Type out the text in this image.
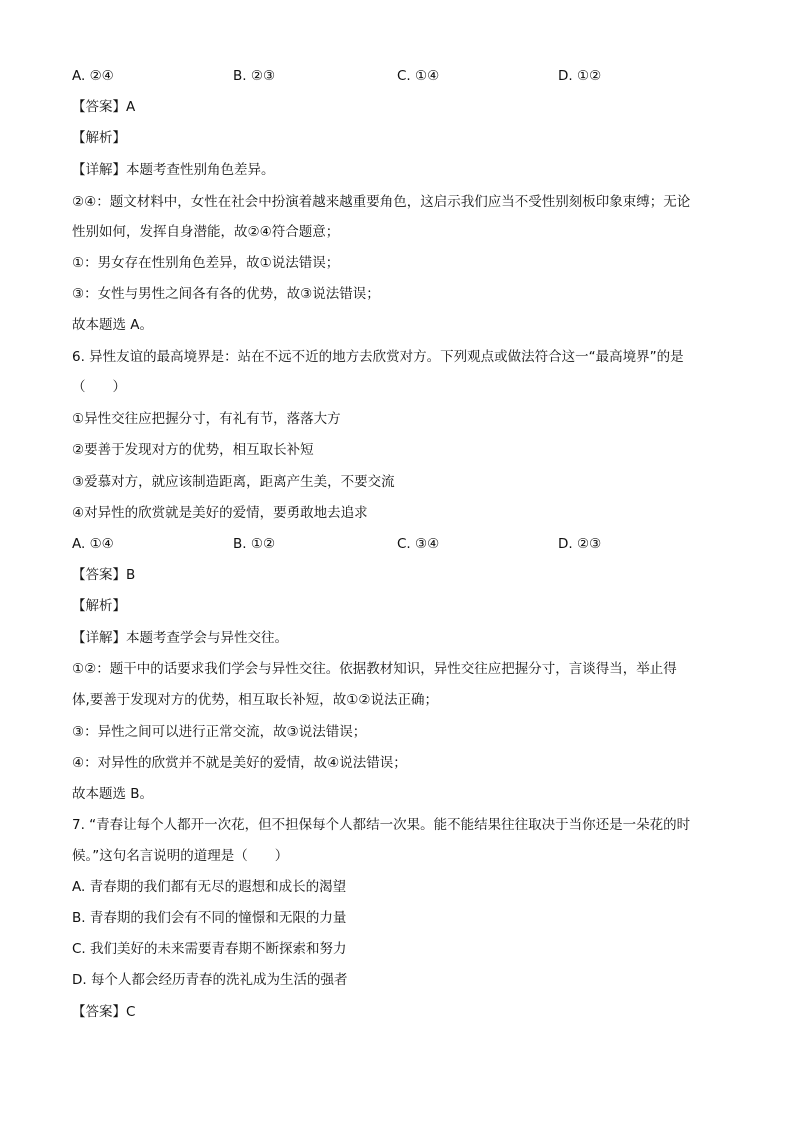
A. ②④	B. ②③	C. ①④	D. ①②
【答案】A
【解析】
【详解】本题考查性别角色差异。
②④：题文材料中，女性在社会中扮演着越来越重要角色，这启示我们应当不受性别刻板印象束缚；无论
性别如何，发挥自身潜能，故②④符合题意；
①：男女存在性别角色差异，故①说法错误；
③：女性与男性之间各有各的优势，故③说法错误；
故本题选 A。
6. 异性友谊的最高境界是：站在不远不近的地方去欣赏对方。下列观点或做法符合这一“最高境界”的是
（　　）
①异性交往应把握分寸，有礼有节，落落大方
②要善于发现对方的优势，相互取长补短
③爱慕对方，就应该制造距离，距离产生美，不要交流
④对异性的欣赏就是美好的爱情，要勇敢地去追求
A. ①④	B. ①②	C. ③④	D. ②③
【答案】B
【解析】
【详解】本题考查学会与异性交往。
①②：题干中的话要求我们学会与异性交往。依据教材知识，异性交往应把握分寸，言谈得当，举止得
体,要善于发现对方的优势，相互取长补短，故①②说法正确；
③：异性之间可以进行正常交流，故③说法错误；
④：对异性的欣赏并不就是美好的爱情，故④说法错误；
故本题选 B。
7. “青春让每个人都开一次花，但不担保每个人都结一次果。能不能结果往往取决于当你还是一朵花的时
候。”这句名言说明的道理是（　　）
A. 青春期的我们都有无尽的遐想和成长的渴望
B. 青春期的我们会有不同的憧憬和无限的力量
C. 我们美好的未来需要青春期不断探索和努力
D. 每个人都会经历青春的洗礼成为生活的强者
【答案】C
